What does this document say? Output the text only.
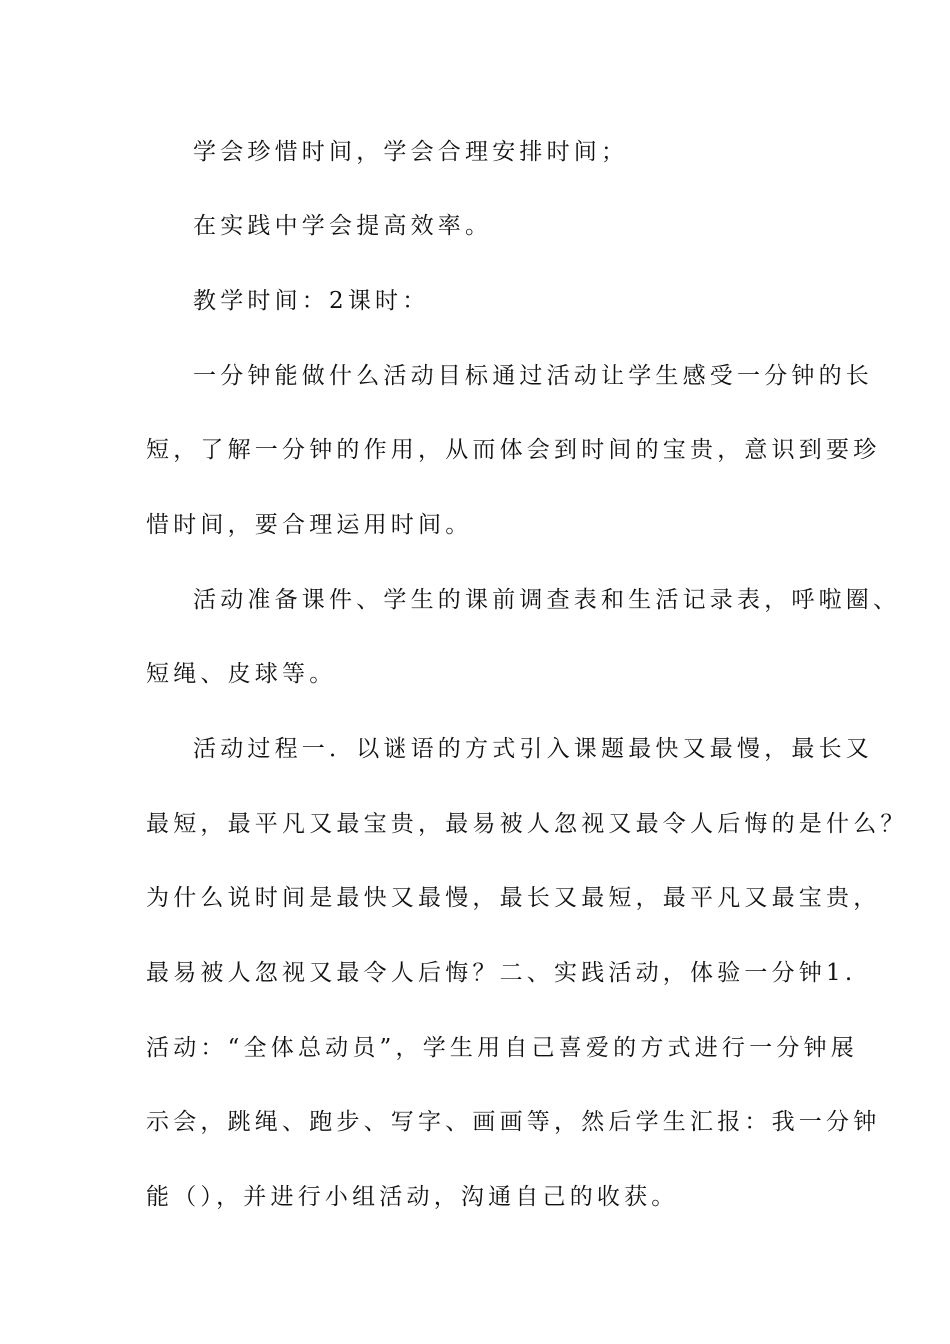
学会珍惜时间，学会合理安排时间；
在实践中学会提高效率。
教学时间：2课时：
一分钟能做什么活动目标通过活动让学生感受一分钟的长
短，了解一分钟的作用，从而体会到时间的宝贵，意识到要珍
惜时间，要合理运用时间。
活动准备课件、学生的课前调查表和生活记录表，呼啦圈、
短绳、皮球等。
活动过程一．以谜语的方式引入课题最快又最慢，最长又
最短，最平凡又最宝贵，最易被人忽视又最令人后悔的是什么？
为什么说时间是最快又最慢，最长又最短，最平凡又最宝贵，
最易被人忽视又最令人后悔？二、实践活动，体验一分钟1.
活动：“全体总动员”，学生用自己喜爱的方式进行一分钟展
示会，跳绳、跑步、写字、画画等，然后学生汇报：我一分钟
能（），并进行小组活动，沟通自己的收获。
